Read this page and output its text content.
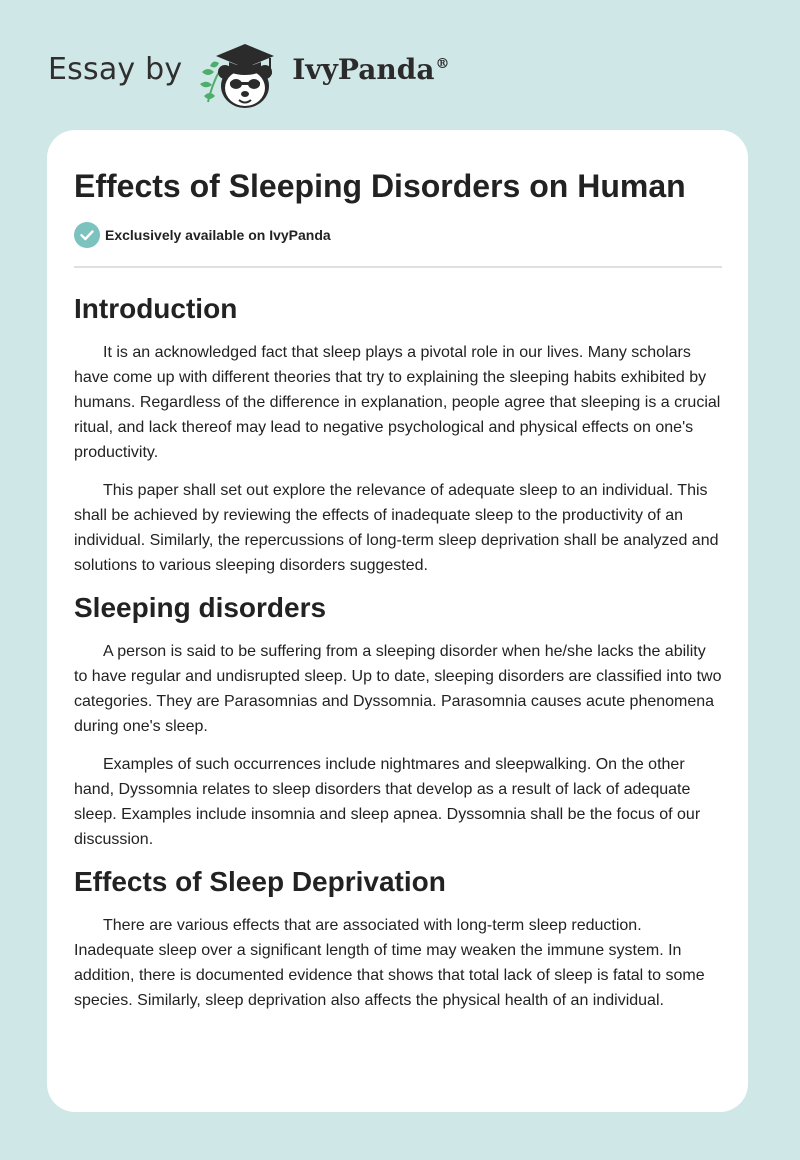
Essay by	IvyPanda®
Effects of Sleeping Disorders on Human
Exclusively available on IvyPanda
Introduction

It is an acknowledged fact that sleep plays a pivotal role in our lives. Many scholars have come up with different theories that try to explaining the sleeping habits exhibited by humans. Regardless of the difference in explanation, people agree that sleeping is a crucial ritual, and lack thereof may lead to negative psychological and physical effects on one's productivity.

This paper shall set out explore the relevance of adequate sleep to an individual. This shall be achieved by reviewing the effects of inadequate sleep to the productivity of an individual. Similarly, the repercussions of long-term sleep deprivation shall be analyzed and solutions to various sleeping disorders suggested.

Sleeping disorders

A person is said to be suffering from a sleeping disorder when he/she lacks the ability to have regular and undisrupted sleep. Up to date, sleeping disorders are classified into two categories. They are Parasomnias and Dyssomnia. Parasomnia causes acute phenomena during one's sleep.

Examples of such occurrences include nightmares and sleepwalking. On the other hand, Dyssomnia relates to sleep disorders that develop as a result of lack of adequate sleep. Examples include insomnia and sleep apnea. Dyssomnia shall be the focus of our discussion.

Effects of Sleep Deprivation

There are various effects that are associated with long-term sleep reduction. Inadequate sleep over a significant length of time may weaken the immune system. In addition, there is documented evidence that shows that total lack of sleep is fatal to some species. Similarly, sleep deprivation also affects the physical health of an individual.
